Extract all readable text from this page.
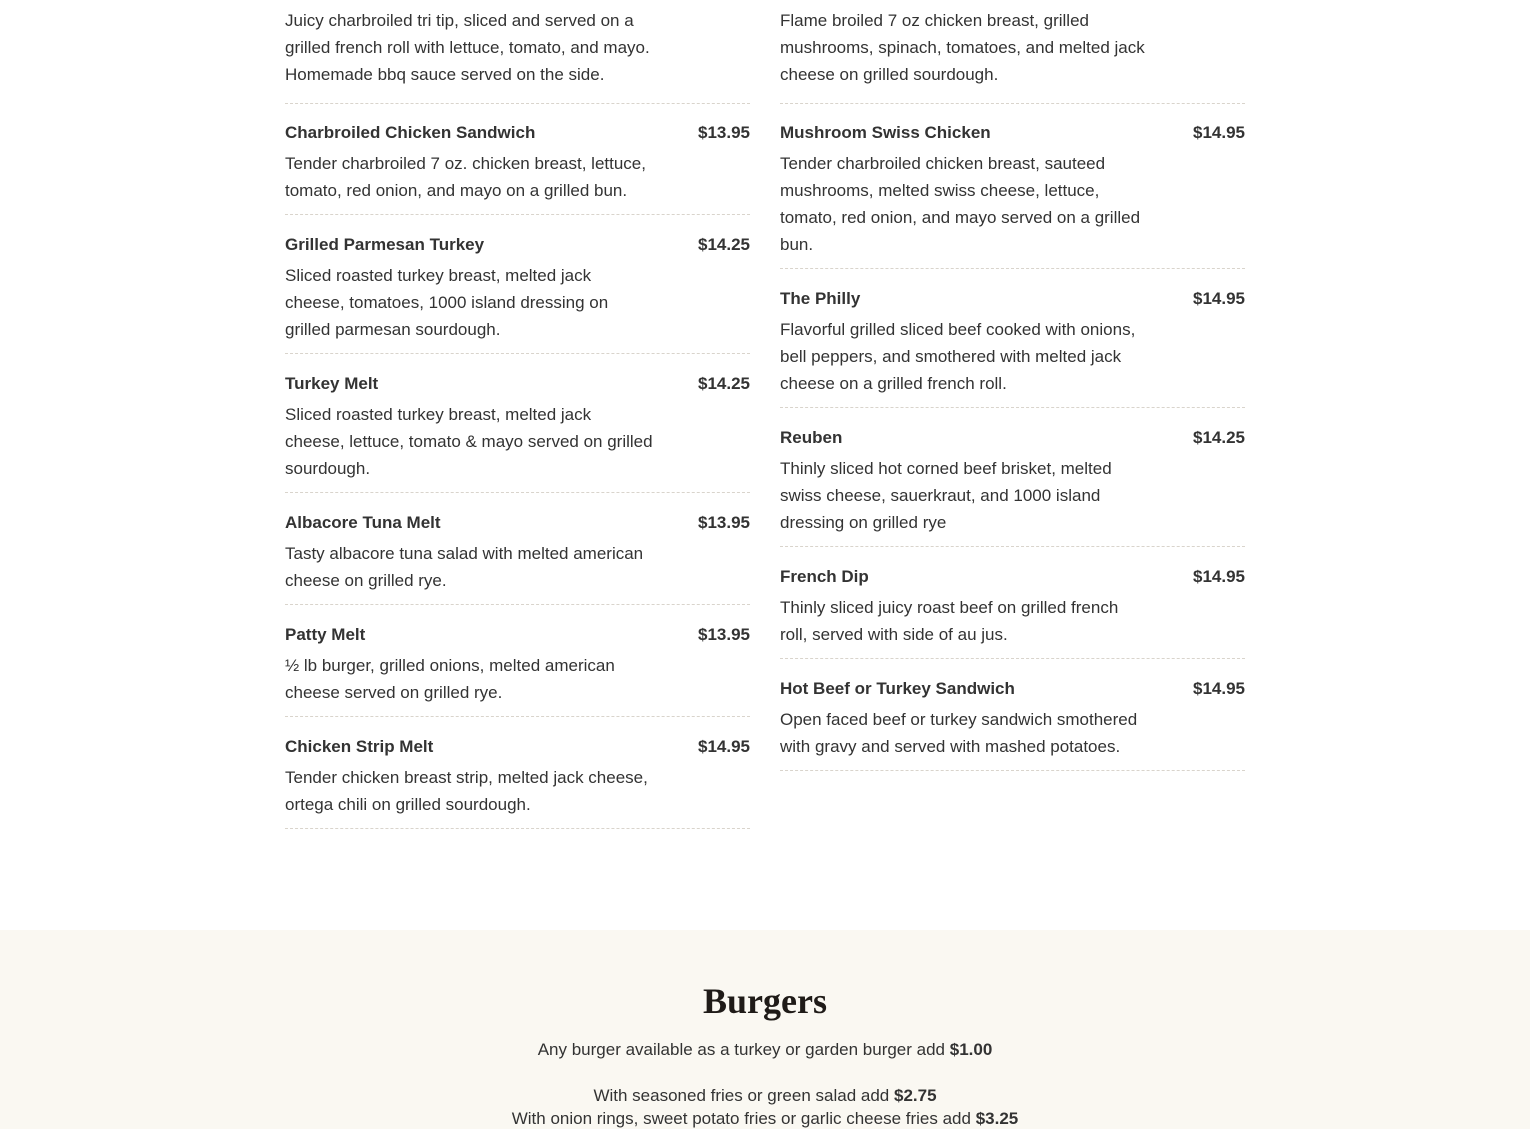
Juicy charbroiled tri tip, sliced and served on a grilled french roll with lettuce, tomato, and mayo. Homemade bbq sauce served on the side.
Charbroiled Chicken Sandwich	$13.95
Tender charbroiled 7 oz. chicken breast, lettuce, tomato, red onion, and mayo on a grilled bun.
Grilled Parmesan Turkey	$14.25
Sliced roasted turkey breast, melted jack cheese, tomatoes, 1000 island dressing on grilled parmesan sourdough.
Turkey Melt	$14.25
Sliced roasted turkey breast, melted jack cheese, lettuce, tomato & mayo served on grilled sourdough.
Albacore Tuna Melt	$13.95
Tasty albacore tuna salad with melted american cheese on grilled rye.
Patty Melt	$13.95
½ lb burger, grilled onions, melted american cheese served on grilled rye.
Chicken Strip Melt	$14.95
Tender chicken breast strip, melted jack cheese, ortega chili on grilled sourdough.
Flame broiled 7 oz chicken breast, grilled mushrooms, spinach, tomatoes, and melted jack cheese on grilled sourdough.
Mushroom Swiss Chicken	$14.95
Tender charbroiled chicken breast, sauteed mushrooms, melted swiss cheese, lettuce, tomato, red onion, and mayo served on a grilled bun.
The Philly	$14.95
Flavorful grilled sliced beef cooked with onions, bell peppers, and smothered with melted jack cheese on a grilled french roll.
Reuben	$14.25
Thinly sliced hot corned beef brisket, melted swiss cheese, sauerkraut, and 1000 island dressing on grilled rye
French Dip	$14.95
Thinly sliced juicy roast beef on grilled french roll, served with side of au jus.
Hot Beef or Turkey Sandwich	$14.95
Open faced beef or turkey sandwich smothered with gravy and served with mashed potatoes.
Burgers
Any burger available as a turkey or garden burger add $1.00
With seasoned fries or green salad add $2.75
With onion rings, sweet potato fries or garlic cheese fries add $3.25
